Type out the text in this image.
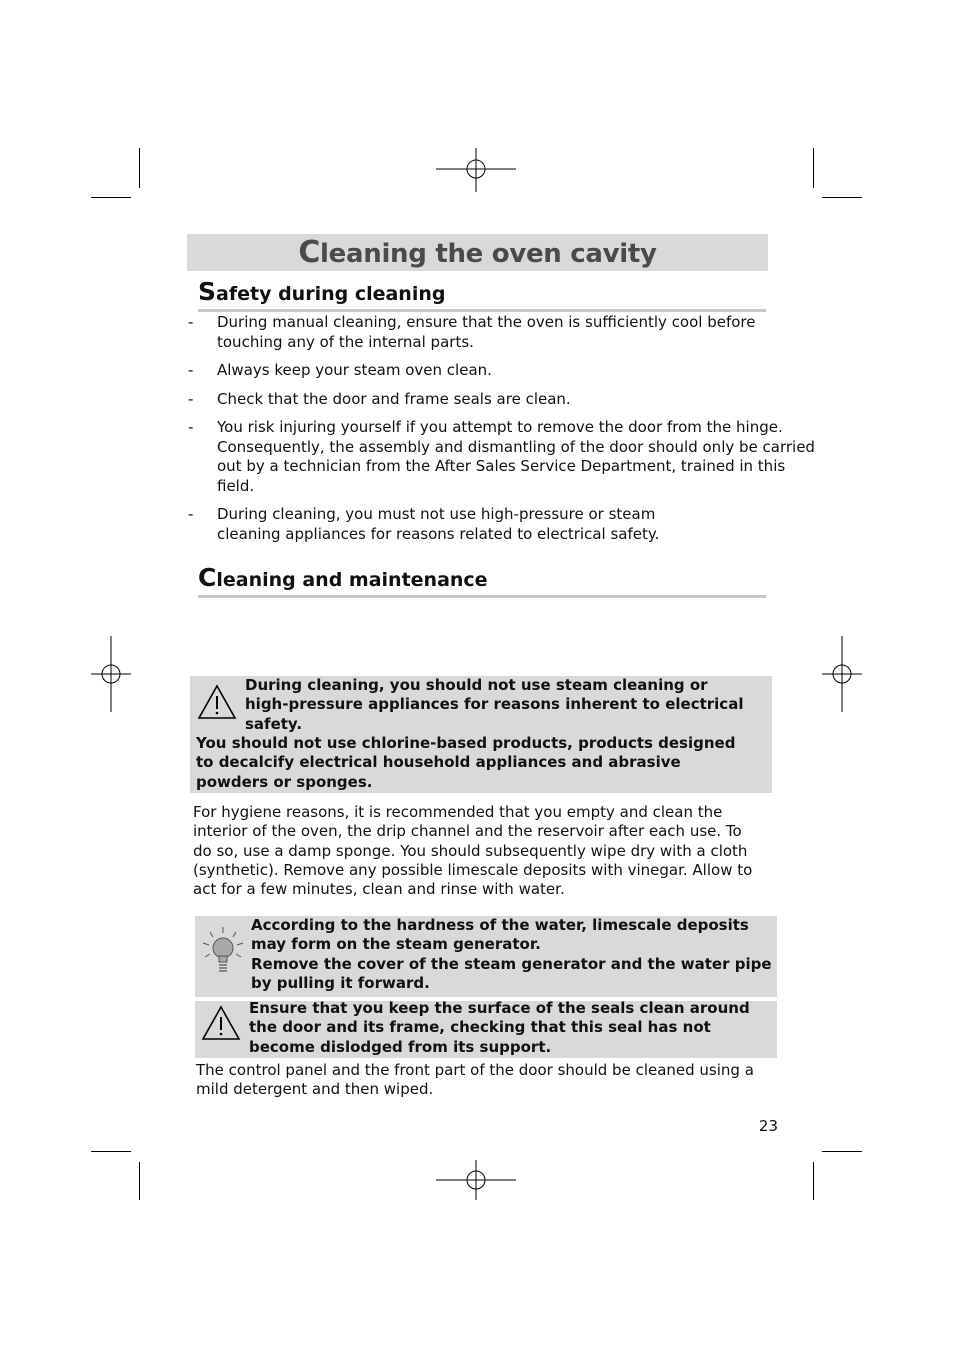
Cleaning the oven cavity
Safety during cleaning
-	During manual cleaning, ensure that the oven is sufficiently cool before touching any of the internal parts.
-	Always keep your steam oven clean.
-	Check that the door and frame seals are clean.
-	You risk injuring yourself if you attempt to remove the door from the hinge. Consequently, the assembly and dismantling of the door should only be carried out by a technician from the After Sales Service Department, trained in this field.
-	During cleaning, you must not use high-pressure or steam cleaning appliances for reasons related to electrical safety.
Cleaning and maintenance
During cleaning, you should not use steam cleaning or
high-pressure appliances for reasons inherent to electrical
safety.
You should not use chlorine-based products, products designed to decalcify electrical household appliances and abrasive powders or sponges.
For hygiene reasons, it is recommended that you empty and clean the interior of the oven, the drip channel and the reservoir after each use. To do so, use a damp sponge. You should subsequently wipe dry with a cloth (synthetic). Remove any possible limescale deposits with vinegar. Allow to act for a few minutes, clean and rinse with water.
According to the hardness of the water, limescale deposits may form on the steam generator.
Remove the cover of the steam generator and the water pipe by pulling it forward.
Ensure that you keep the surface of the seals clean around the door and its frame, checking that this seal has not become dislodged from its support.
The control panel and the front part of the door should be cleaned using a mild detergent and then wiped.
23
